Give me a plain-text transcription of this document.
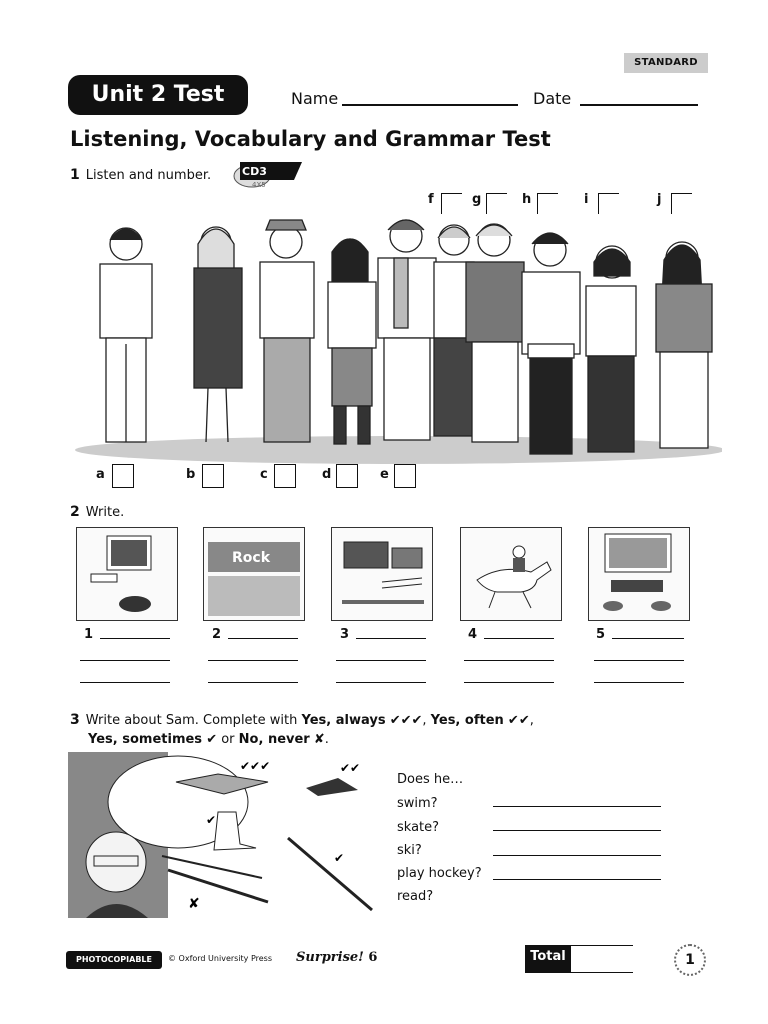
STANDARD
Unit 2 Test	Name	Date
Listening, Vocabulary and Grammar Test
1 Listen and number.	CD3
4X5
f	g	h	i	j
a	b	c	d	e
2 Write.
Rock
1	2	3	4	5
3 Write about Sam. Complete with Yes, always ✔✔✔, Yes, often ✔✔,
Yes, sometimes ✔ or No, never ✘.
✔✔✔	✔✔
✔
✔
✘
Does he…
swim?
skate?
ski?
play hockey?
read?
PHOTOCOPIABLE	© Oxford University Press Surprise! 6	Total	1
